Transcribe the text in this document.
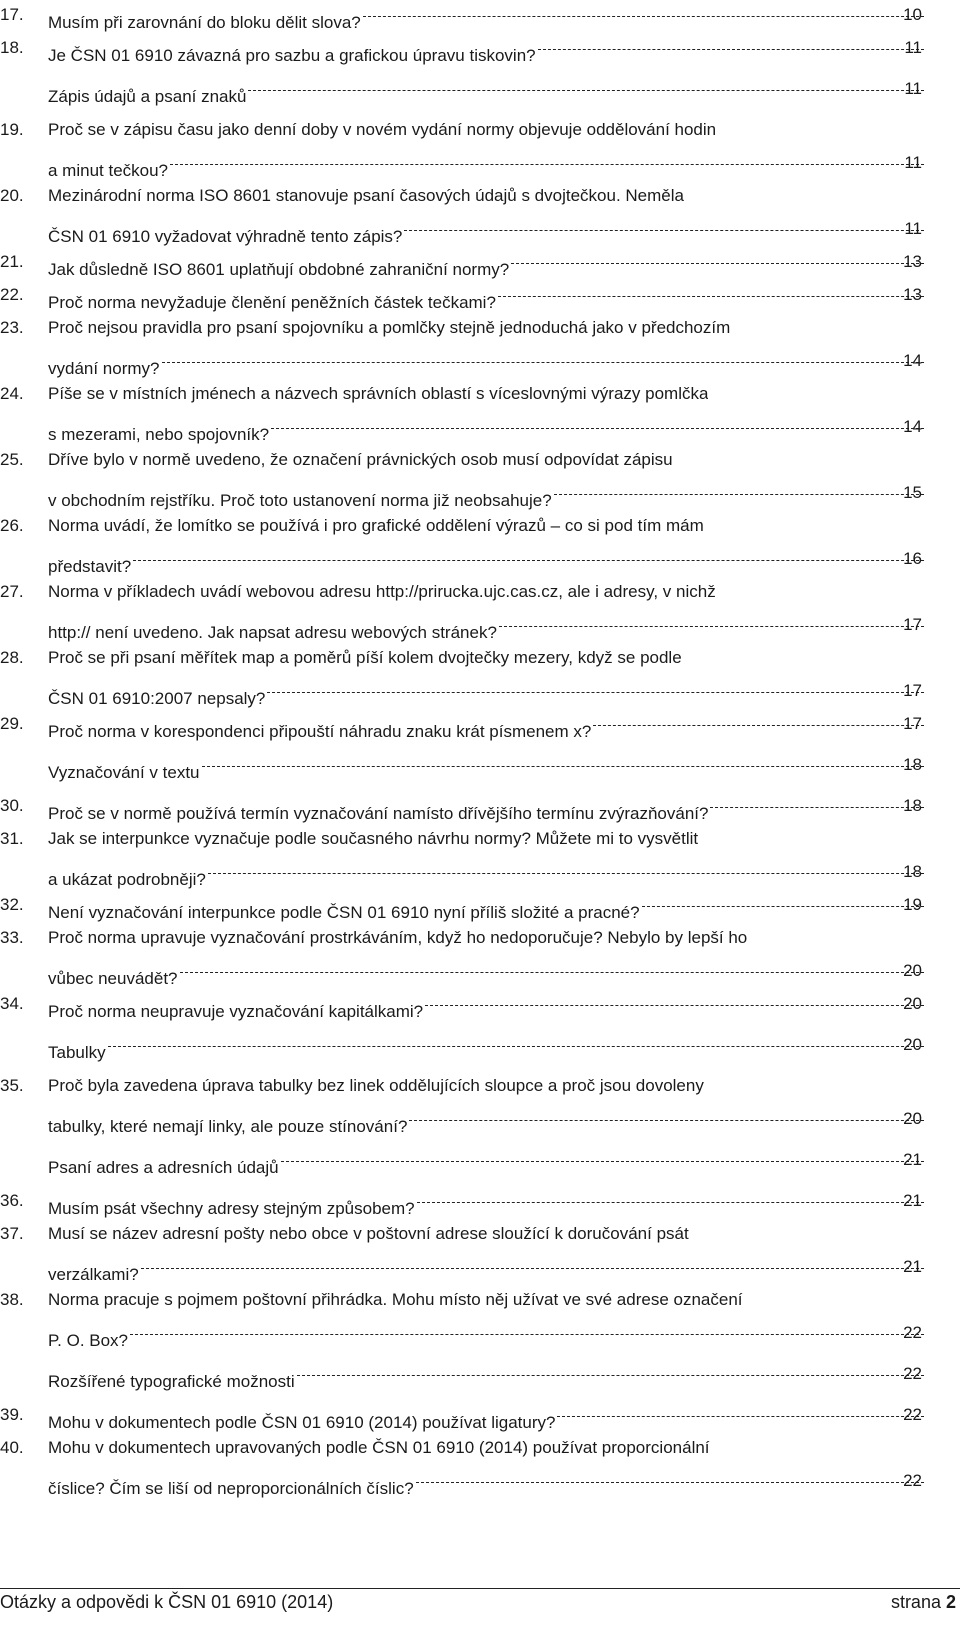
17.	Musím při zarovnání do bloku dělit slova?	10
18.	Je ČSN 01 6910 závazná pro sazbu a grafickou úpravu tiskovin?	11
Zápis údajů a psaní znaků	11
19.	Proč se v zápisu času jako denní doby v novém vydání normy objevuje oddělování hodin
a minut tečkou?	11
20.	Mezinárodní norma ISO 8601 stanovuje psaní časových údajů s dvojtečkou. Neměla
ČSN 01 6910 vyžadovat výhradně tento zápis?	11
21.	Jak důsledně ISO 8601 uplatňují obdobné zahraniční normy?	13
22.	Proč norma nevyžaduje členění peněžních částek tečkami?	13
23.	Proč nejsou pravidla pro psaní spojovníku a pomlčky stejně jednoduchá jako v předchozím
vydání normy?	14
24.	Píše se v místních jménech a názvech správních oblastí s víceslovnými výrazy pomlčka
s mezerami, nebo spojovník?	14
25.	Dříve bylo v normě uvedeno, že označení právnických osob musí odpovídat zápisu
v obchodním rejstříku. Proč toto ustanovení norma již neobsahuje?	15
26.	Norma uvádí, že lomítko se používá i pro grafické oddělení výrazů – co si pod tím mám
představit?	16
27.	Norma v příkladech uvádí webovou adresu http://prirucka.ujc.cas.cz, ale i adresy, v nichž
http:// není uvedeno. Jak napsat adresu webových stránek?	17
28.	Proč se při psaní měřítek map a poměrů píší kolem dvojtečky mezery, když se podle
ČSN 01 6910:2007 nepsaly?	17
29.	Proč norma v korespondenci připouští náhradu znaku krát písmenem x?	17
Vyznačování v textu	18
30.	Proč se v normě používá termín vyznačování namísto dřívějšího termínu zvýrazňování?	18
31.	Jak se interpunkce vyznačuje podle současného návrhu normy? Můžete mi to vysvětlit
a ukázat podrobněji?	18
32.	Není vyznačování interpunkce podle ČSN 01 6910 nyní příliš složité a pracné?	19
33.	Proč norma upravuje vyznačování prostrkáváním, když ho nedoporučuje? Nebylo by lepší ho
vůbec neuvádět?	20
34.	Proč norma neupravuje vyznačování kapitálkami?	20
Tabulky	20
35.	Proč byla zavedena úprava tabulky bez linek oddělujících sloupce a proč jsou dovoleny
tabulky, které nemají linky, ale pouze stínování?	20
Psaní adres a adresních údajů	21
36.	Musím psát všechny adresy stejným způsobem?	21
37.	Musí se název adresní pošty nebo obce v poštovní adrese sloužící k doručování psát
verzálkami?	21
38.	Norma pracuje s pojmem poštovní přihrádka. Mohu místo něj užívat ve své adrese označení
P. O. Box?	22
Rozšířené typografické možnosti	22
39.	Mohu v dokumentech podle ČSN 01 6910 (2014) používat ligatury?	22
40.	Mohu v dokumentech upravovaných podle ČSN 01 6910 (2014) používat proporcionální
číslice? Čím se liší od neproporcionálních číslic?	22
Otázky a odpovědi k ČSN 01 6910 (2014)	strana 2
